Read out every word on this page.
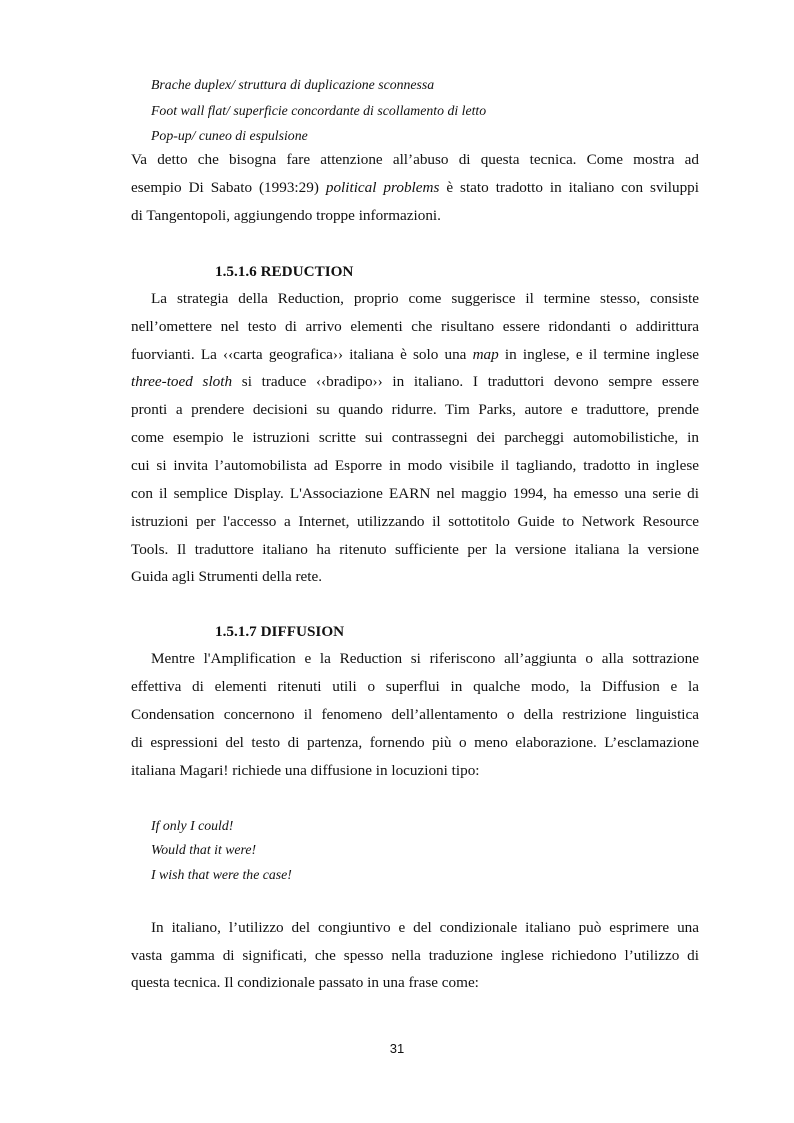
Brache duplex/ struttura di duplicazione sconnessa
Foot wall flat/ superficie concordante di scollamento di letto
Pop-up/ cuneo di espulsione
Va detto che bisogna fare attenzione all’abuso di questa tecnica. Come mostra ad
esempio Di Sabato (1993:29) political problems è stato tradotto in italiano con sviluppi
di Tangentopoli, aggiungendo troppe informazioni.
1.5.1.6 REDUCTION
La strategia della Reduction, proprio come suggerisce il termine stesso, consiste
nell’omettere nel testo di arrivo elementi che risultano essere ridondanti o addirittura
fuorvianti. La ‹‹carta geografica›› italiana è solo una map in inglese, e il termine inglese
three-toed sloth si traduce ‹‹bradipo›› in italiano. I traduttori devono sempre essere
pronti a prendere decisioni su quando ridurre. Tim Parks, autore e traduttore, prende
come esempio le istruzioni scritte sui contrassegni dei parcheggi automobilistiche, in
cui si invita l’automobilista ad Esporre in modo visibile il tagliando, tradotto in inglese
con il semplice Display. L'Associazione EARN nel maggio 1994, ha emesso una serie di
istruzioni per l'accesso a Internet, utilizzando il sottotitolo Guide to Network Resource
Tools. Il traduttore italiano ha ritenuto sufficiente per la versione italiana la versione
Guida agli Strumenti della rete.
1.5.1.7 DIFFUSION
Mentre l'Amplification e la Reduction si riferiscono all’aggiunta o alla sottrazione
effettiva di elementi ritenuti utili o superflui in qualche modo, la Diffusion e la
Condensation concernono il fenomeno dell’allentamento o della restrizione linguistica
di espressioni del testo di partenza, fornendo più o meno elaborazione. L’esclamazione
italiana Magari! richiede una diffusione in locuzioni tipo:
If only I could!
Would that it were!
I wish that were the case!
In italiano, l’utilizzo del congiuntivo e del condizionale italiano può esprimere una
vasta gamma di significati, che spesso nella traduzione inglese richiedono l’utilizzo di
questa tecnica. Il condizionale passato in una frase come:
31
